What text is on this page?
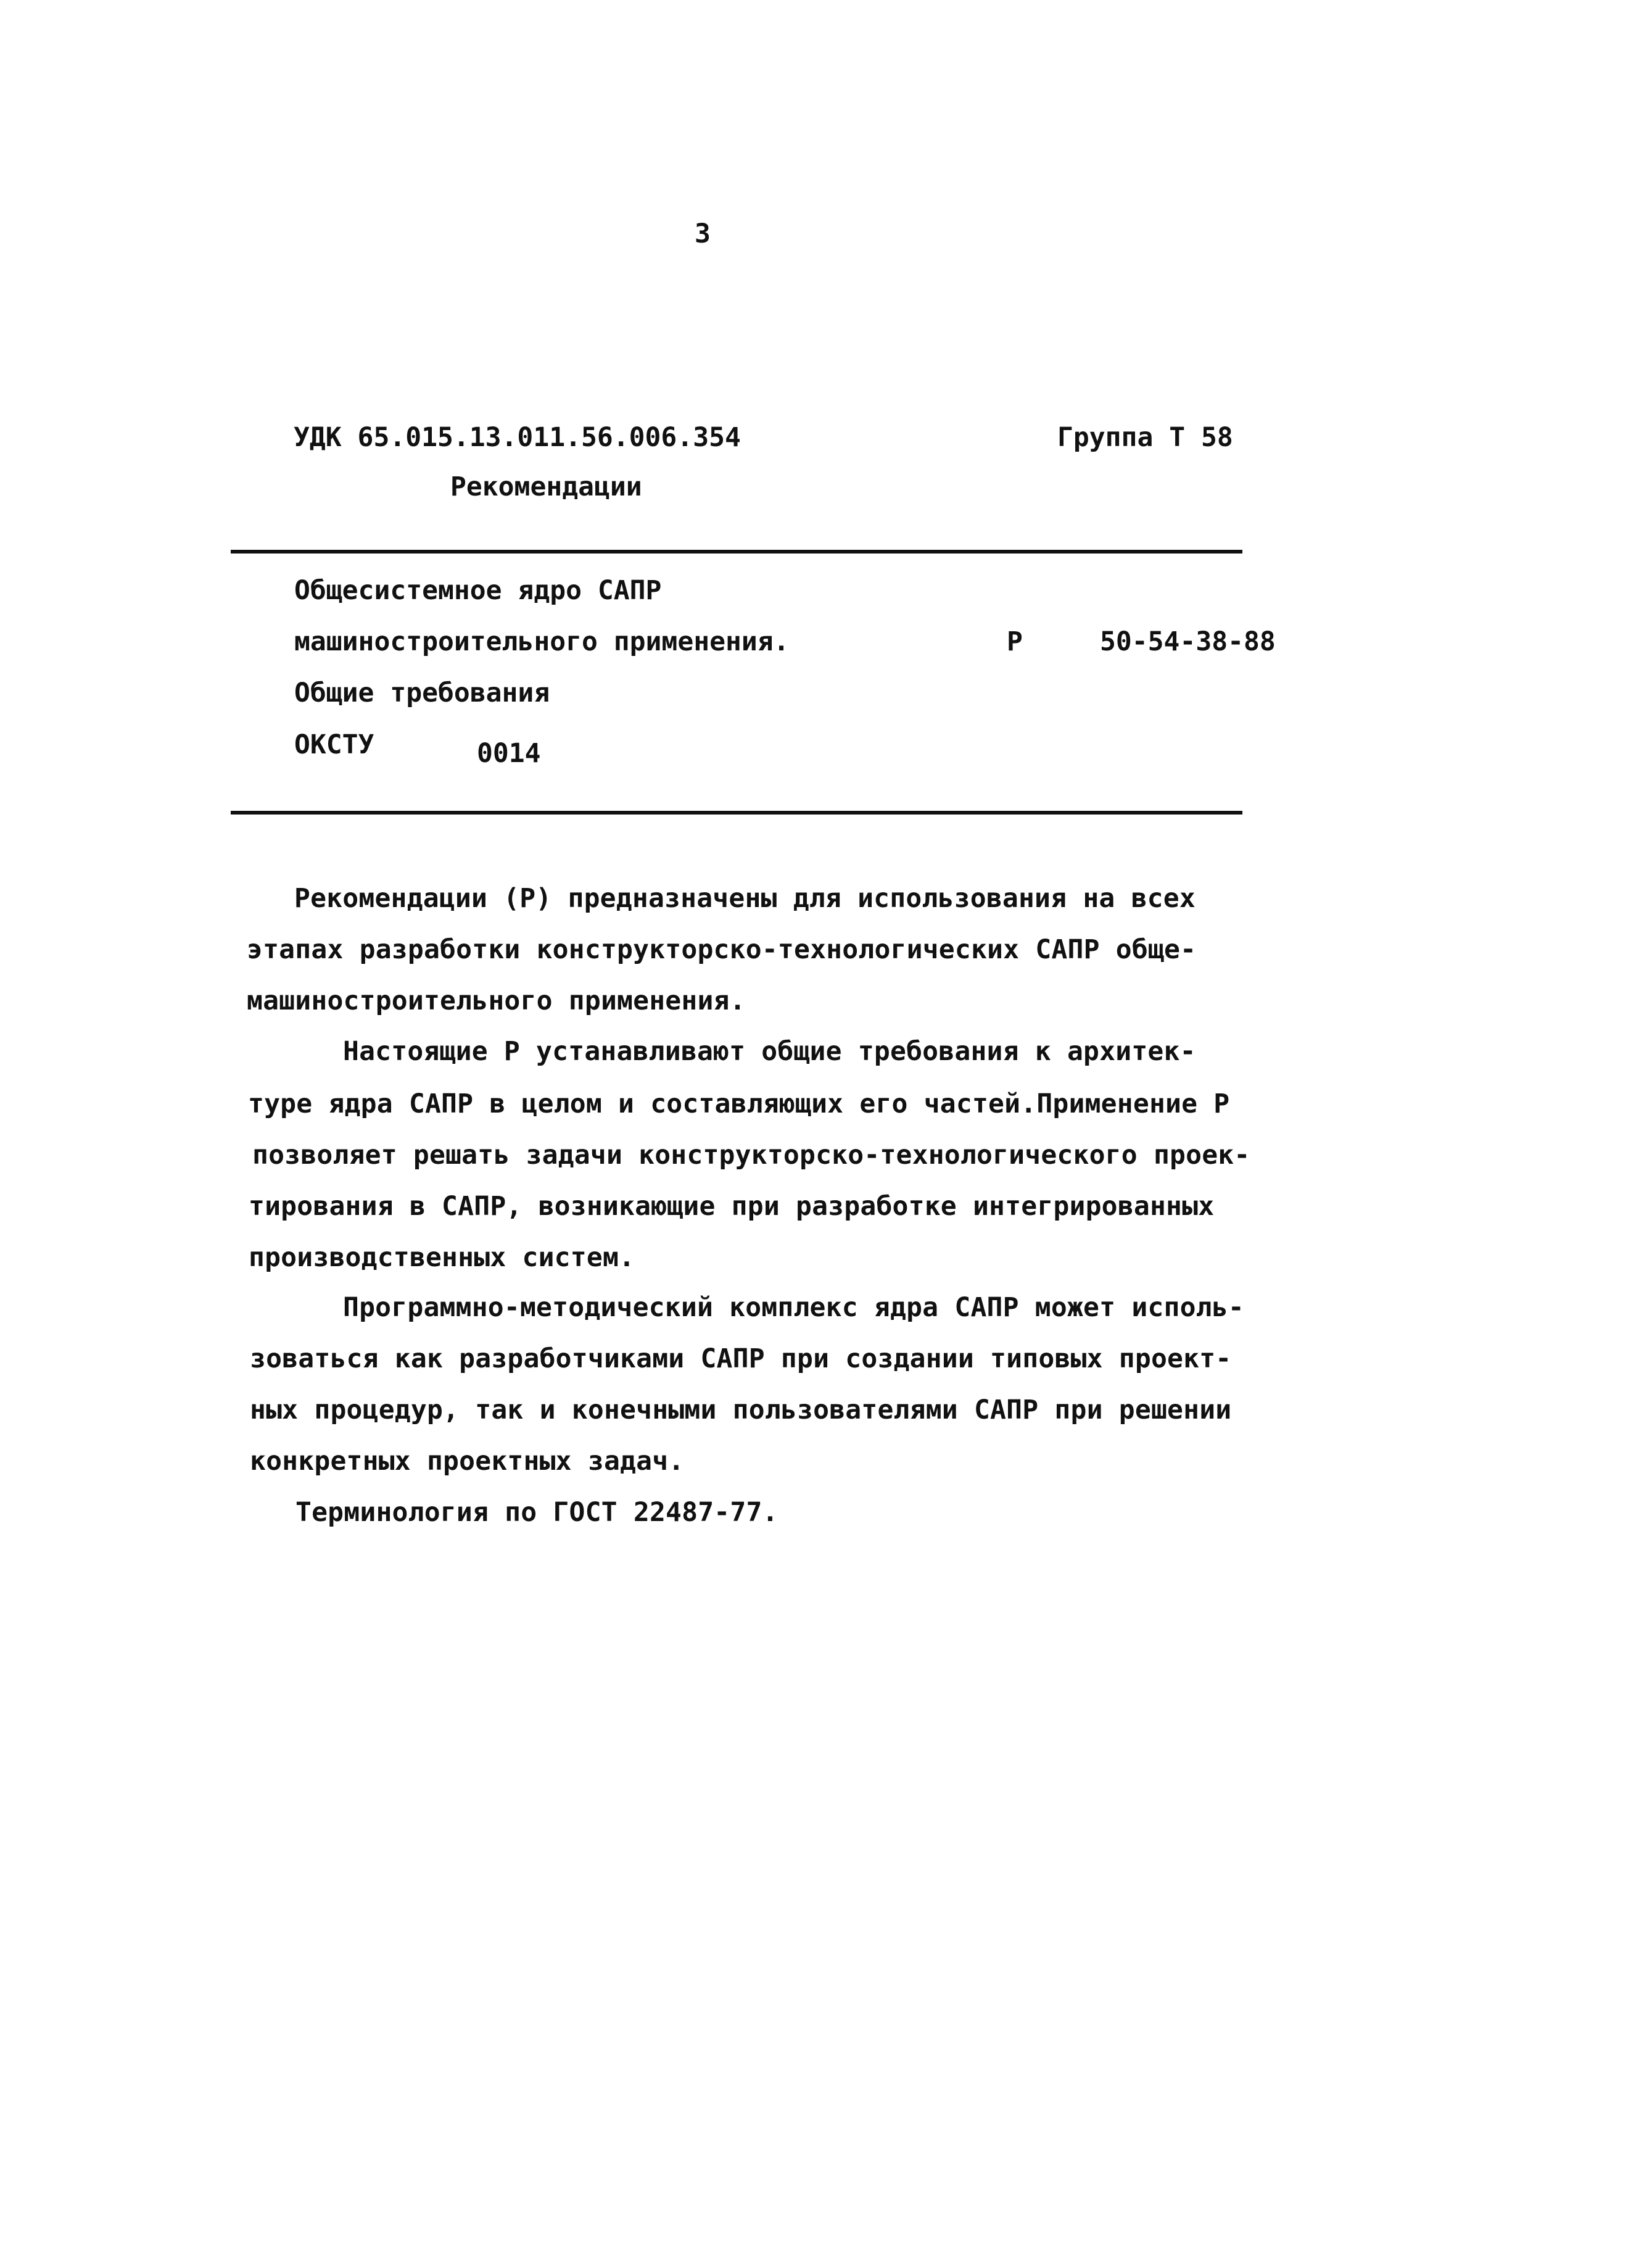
3
УДК 65.015.13.011.56.006.354	Группа Т 58
Рекомендации
Общесистемное ядро САПР
машиностроительного применения.	Р	50-54-38-88
Общие требования
ОКСТУ	0014
Рекомендации (Р) предназначены для использования на всех
этапах разработки конструкторско-технологических САПР обще-
машиностроительного применения.
Настоящие Р устанавливают общие требования к архитек-
туре ядра САПР в целом и составляющих его частей.Применение Р
позволяет решать задачи конструкторско-технологического проек-
тирования в САПР, возникающие при разработке интегрированных
производственных систем.
Программно-методический комплекс ядра САПР может исполь-
зоваться как разработчиками САПР при создании типовых проект-
ных процедур, так и конечными пользователями САПР при решении
конкретных проектных задач.
Терминология по ГОСТ 22487-77.
